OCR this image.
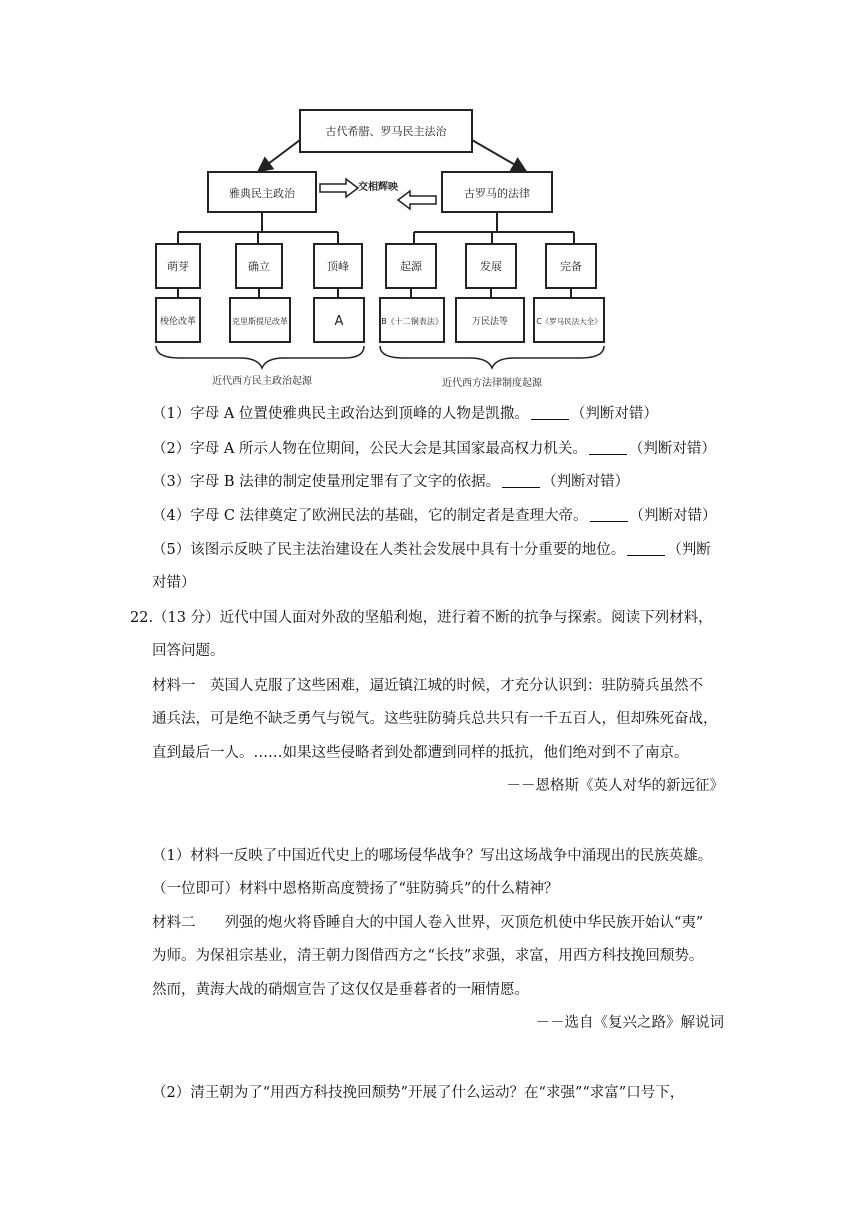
古代希腊、罗马民主法治
雅典民主政治	古罗马的法律
交相辉映
萌芽	确立	顶峰	起源	发展	完备
梭伦改革	克里斯提尼改革	A	B《十二铜表法》	万民法等	C《罗马民法大全》
近代西方民主政治起源	近代西方法律制度起源
（1）字母 A 位置使雅典民主政治达到顶峰的人物是凯撒。	（判断对错）
（2）字母 A 所示人物在位期间，公民大会是其国家最高权力机关。	（判断对错）
（3）字母 B 法律的制定使量刑定罪有了文字的依据。	（判断对错）
（4）字母 C 法律奠定了欧洲民法的基础，它的制定者是查理大帝。	（判断对错）
（5）该图示反映了民主法治建设在人类社会发展中具有十分重要的地位。	（判断
对错）
22.（13 分）近代中国人面对外敌的坚船利炮，进行着不断的抗争与探索。阅读下列材料，
回答问题。
材料一　英国人克服了这些困难，逼近镇江城的时候，才充分认识到：驻防骑兵虽然不
通兵法，可是绝不缺乏勇气与锐气。这些驻防骑兵总共只有一千五百人，但却殊死奋战，
直到最后一人。……如果这些侵略者到处都遭到同样的抵抗，他们绝对到不了南京。
－－恩格斯《英人对华的新远征》
（1）材料一反映了中国近代史上的哪场侵华战争？写出这场战争中涌现出的民族英雄。
（一位即可）材料中恩格斯高度赞扬了“驻防骑兵”的什么精神？
材料二　　列强的炮火将昏睡自大的中国人卷入世界，灭顶危机使中华民族开始认“夷”
为师。为保祖宗基业，清王朝力图借西方之“长技”求强，求富，用西方科技挽回颓势。
然而，黄海大战的硝烟宣告了这仅仅是垂暮者的一厢情愿。
－－选自《复兴之路》解说词
（2）清王朝为了“用西方科技挽回颓势”开展了什么运动？在“求强”“求富”口号下，
